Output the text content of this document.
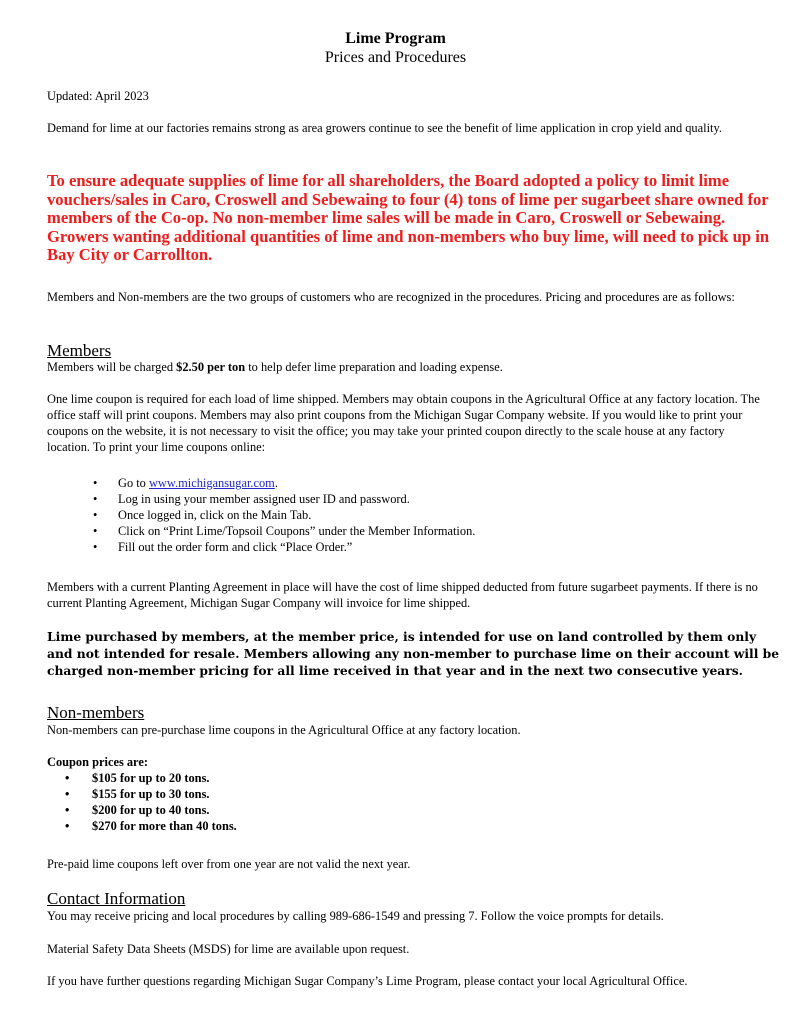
Lime Program
Prices and Procedures

Updated: April 2023

Demand for lime at our factories remains strong as area growers continue to see the benefit of lime application in crop yield and quality.

To ensure adequate supplies of lime for all shareholders, the Board adopted a policy to limit lime vouchers/sales in Caro, Croswell and Sebewaing to four (4) tons of lime per sugarbeet share owned for members of the Co-op. No non-member lime sales will be made in Caro, Croswell or Sebewaing. Growers wanting additional quantities of lime and non-members who buy lime, will need to pick up in Bay City or Carrollton.

Members and Non-members are the two groups of customers who are recognized in the procedures. Pricing and procedures are as follows:

Members

Members will be charged $2.50 per ton to help defer lime preparation and loading expense.

One lime coupon is required for each load of lime shipped. Members may obtain coupons in the Agricultural Office at any factory location. The office staff will print coupons. Members may also print coupons from the Michigan Sugar Company website. If you would like to print your coupons on the website, it is not necessary to visit the office; you may take your printed coupon directly to the scale house at any factory location. To print your lime coupons online:

• Go to www.michigansugar.com.
• Log in using your member assigned user ID and password.
• Once logged in, click on the Main Tab.
• Click on “Print Lime/Topsoil Coupons” under the Member Information.
• Fill out the order form and click “Place Order.”

Members with a current Planting Agreement in place will have the cost of lime shipped deducted from future sugarbeet payments. If there is no current Planting Agreement, Michigan Sugar Company will invoice for lime shipped.

Lime purchased by members, at the member price, is intended for use on land controlled by them only and not intended for resale. Members allowing any non-member to purchase lime on their account will be charged non-member pricing for all lime received in that year and in the next two consecutive years.

Non-members

Non-members can pre-purchase lime coupons in the Agricultural Office at any factory location.

Coupon prices are:

• $105 for up to 20 tons.
• $155 for up to 30 tons.
• $200 for up to 40 tons.
• $270 for more than 40 tons.

Pre-paid lime coupons left over from one year are not valid the next year.

Contact Information

You may receive pricing and local procedures by calling 989-686-1549 and pressing 7. Follow the voice prompts for details.

Material Safety Data Sheets (MSDS) for lime are available upon request.

If you have further questions regarding Michigan Sugar Company’s Lime Program, please contact your local Agricultural Office.
